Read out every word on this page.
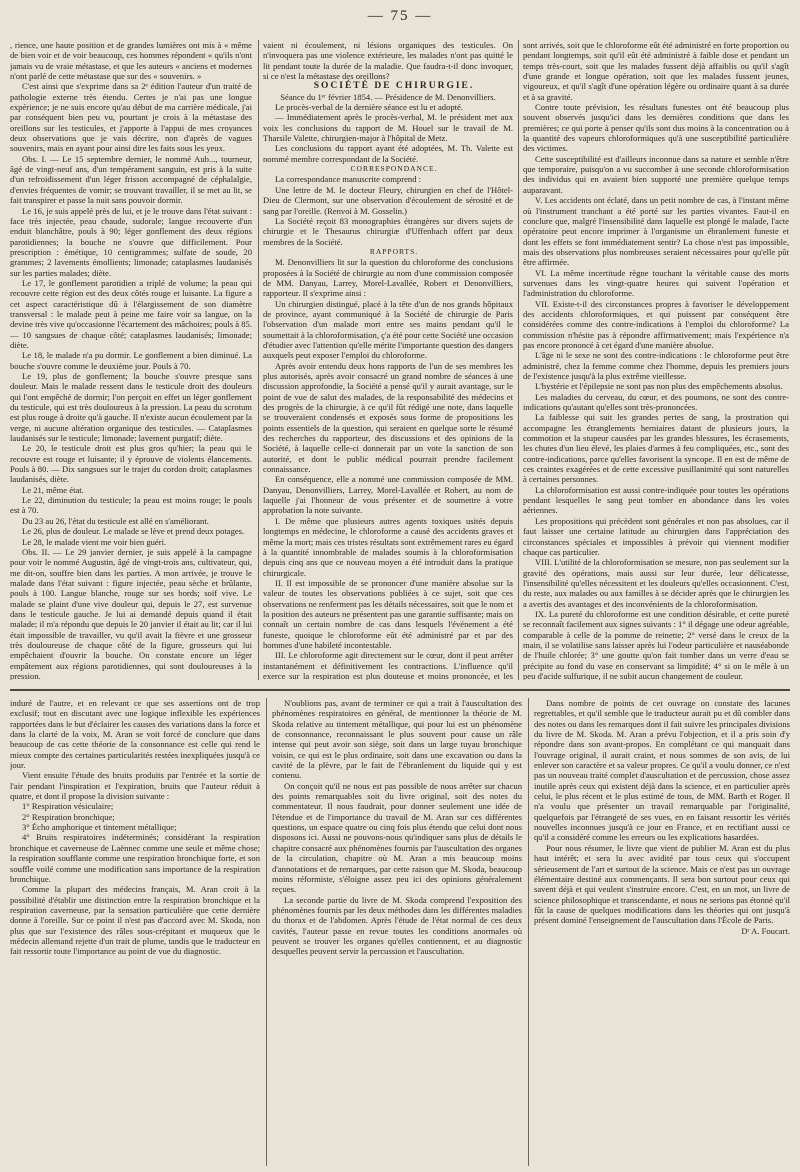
— 75 —

, rience, une haute position et de grandes lumières ont mis à « même de bien voir et de voir beaucoup, ces hommes répondent « qu'ils n'ont jamais vu de vraie métastase, et que les auteurs « anciens et modernes n'ont parlé de cette métastase que sur des « souvenirs. »

C'est ainsi que s'exprime dans sa 2ᵉ édition l'auteur d'un traité de pathologie externe très étendu. Certes je n'ai pas une longue expérience; je ne suis encore qu'au début de ma carrière médicale, j'ai par conséquent bien peu vu, pourtant je crois à la métastase des oreillons sur les testicules, et j'apporte à l'appui de mes croyances deux observations que je vais décrire, non d'après de vagues souvenirs, mais en ayant pour ainsi dire les faits sous les yeux.

Obs. I. — Le 15 septembre dernier, le nommé Aub..., tourneur, âgé de vingt-neuf ans, d'un tempérament sanguin, est pris à la suite d'un refroidissement d'un léger frisson accompagné de céphalalgie, d'envies fréquentes de vomir; se trouvant travailler, il se met au lit, se fait transpirer et passe la nuit sans pouvoir dormir.

Le 16, je suis appelé près de lui, et je le trouve dans l'état suivant : face très injectée, peau chaude, sudorale; langue recouverte d'un enduit blanchâtre, pouls à 90; léger gonflement des deux régions parotidiennes; la bouche ne s'ouvre que difficilement. Pour prescription : émétique, 10 centigrammes; sulfate de soude, 20 grammes; 2 lavements émollients; limonade; cataplasmes laudanisés sur les parties malades; diète.

Le 17, le gonflement parotidien a triplé de volume; la peau qui recouvre cette région est des deux côtés rouge et luisante. La figure a cet aspect caractéristique dû à l'élargissement de son diamètre transversal : le malade peut à peine me faire voir sa langue, on la devine très vive qu'occasionne l'écartement des mâchoires; pouls à 85. — 10 sangsues de chaque côté; cataplasmes laudanisés; limonade; diète.

Le 18, le malade n'a pu dormir. Le gonflement a bien diminué. La bouche s'ouvre comme le deuxième jour. Pouls à 70.

Le 19, plus de gonflement; la bouche s'ouvre presque sans douleur. Mais le malade ressent dans le testicule droit des douleurs qui l'ont empêché de dormir; l'on perçoit en effet un léger gonflement du testicule, qui est très douloureux à la pression. La peau du scrotum est plus rouge à droite qu'à gauche. Il n'existe aucun écoulement par la verge, ni aucune altération organique des testicules. — Cataplasmes laudanisés sur le testicule; limonade; lavement purgatif; diète.

Le 20, le testicule droit est plus gros qu'hier; la peau qui le recouvre est rouge et luisante; il y éprouve de violents élancements. Pouls à 80. — Dix sangsues sur le trajet du cordon droit; cataplasmes laudanisés, diète.

Le 21, même état.

Le 22, diminution du testicule; la peau est moins rouge; le pouls est à 70.

Du 23 au 26, l'état du testicule est allé en s'améliorant.

Le 26, plus de douleur. Le malade se lève et prend deux potages.

Le 28, le malade vient me voir bien guéri.

Obs. II. — Le 29 janvier dernier, je suis appelé à la campagne pour voir le nommé Augustin, âgé de vingt-trois ans, cultivateur, qui, me dit-on, souffre bien dans les parties. A mon arrivée, je trouve le malade dans l'état suivant : figure injectée, peau sèche et brûlante, pouls à 100. Langue blanche, rouge sur ses bords; soif vive. Le malade se plaint d'une vive douleur qui, depuis le 27, est survenue dans le testicule gauche. Je lui ai demandé depuis quand il était malade; il m'a répondu que depuis le 20 janvier il était au lit; car il lui était impossible de travailler, vu qu'il avait la fièvre et une grosseur très douloureuse de chaque côté de la figure, grosseurs qui lui empêchaient d'ouvrir la bouche. On constate encore un léger empâtement aux régions parotidiennes, qui sont douloureuses à la pression.

vaient ni écoulement, ni lésions organiques des testicules. On n'invoquera pas une violence extérieure, les malades n'ont pas quitté le lit pendant toute la durée de la maladie. Que faudra-t-il donc invoquer, si ce n'est la métastase des oreillons?

SOCIÉTÉ DE CHIRURGIE.

Séance du 1ᵉʳ février 1854. — Présidence de M. Denonvilliers.

Le procès-verbal de la dernière séance est lu et adopté.

— Immédiatement après le procès-verbal, M. le président met aux voix les conclusions du rapport de M. Houel sur le travail de M. Tharsile Valette, chirurgien-major à l'hôpital de Metz.

Les conclusions du rapport ayant été adoptées, M. Th. Valette est nommé membre correspondant de la Société.

CORRESPONDANCE.

La correspondance manuscrite comprend :

Une lettre de M. le docteur Fleury, chirurgien en chef de l'Hôtel-Dieu de Clermont, sur une observation d'écoulement de sérosité et de sang par l'oreille. (Renvoi à M. Gosselin.)

La Société reçoit 83 monographies étrangères sur divers sujets de chirurgie et le Thesaurus chirurgiæ d'Uffenbach offert par deux membres de la Société.

RAPPORTS.

M. Denonvilliers lit sur la question du chloroforme des conclusions proposées à la Société de chirurgie au nom d'une commission composée de MM. Danyau, Larrey, Morel-Lavallée, Robert et Denonvilliers, rapporteur. Il s'exprime ainsi :

Un chirurgien distingué, placé à la tête d'un de nos grands hôpitaux de province, ayant communiqué à la Société de chirurgie de Paris l'observation d'un malade mort entre ses mains pendant qu'il le soumettait à la chloroformisation, ç'a été pour cette Société une occasion d'étudier avec l'attention qu'elle mérite l'importante question des dangers auxquels peut exposer l'emploi du chloroforme.

Après avoir entendu deux hons rapports de l'un de ses membres les plus autorisés, après avoir consacré un grand nombre de séances à une discussion approfondie, la Société a pensé qu'il y aurait avantage, sur le point de vue de salut des malades, de la responsabilité des médecins et des progrès de la chirurgie, à ce qu'il fût rédigé une note, dans laquelle se trouveraient condensés et exposés sous forme de propositions les points essentiels de la question, qui seraient en quelque sorte le résumé des recherches du rapporteur, des discussions et des opinions de la Société, à laquelle celle-ci donnerait par un vote la sanction de son autorité, et dont le public médical pourrait prendre facilement connaissance.

En conséquence, elle a nommé une commission composée de MM. Danyau, Denonvilliers, Larrey, Morel-Lavallée et Robert, au nom de laquelle j'ai l'honneur de vous présenter et de soumettre à votre approbation la note suivante.

I. De même que plusieurs autres agents toxiques usités depuis longtemps en médecine, le chloroforme a causé des accidents graves et même la mort; mais ces tristes résultats sont extrêmement rares eu égard à la quantité innombrable de malades soumis à la chloroformisation depuis cinq ans que ce nouveau moyen a été introduit dans la pratique chirurgicale.

II. Il est impossible de se prononcer d'une manière absolue sur la valeur de toutes les observations publiées à ce sujet, soit que ces observations ne renferment pas les détails nécessaires, soit que le nom et la position des auteurs ne présentent pas une garantie suffisante; mais on connaît un certain nombre de cas dans lesquels l'événement a été funeste, quoique le chloroforme eût été administré par et par des hommes d'une habileté incontestable.

III. Le chloroforme agit directement sur le cœur, dont il peut arrêter instantanément et définitivement les contractions. L'influence qu'il exerce sur la respiration est plus douteuse et moins prononcée, et les

sont arrivés, soit que le chloroforme eût été administré en forte proportion ou pendant longtemps, soit qu'il eût été administré à faible dose et pendant un temps très-court, soit que les malades fussent déjà affaiblis ou qu'il s'agît d'une grande et longue opération, soit que les malades fussent jeunes, vigoureux, et qu'il s'agît d'une opération légère ou ordinaire quant à sa durée et à sa gravité.

Contre toute prévision, les résultats funestes ont été beaucoup plus souvent observés jusqu'ici dans les dernières conditions que dans les premières; ce qui porte à penser qu'ils sont dus moins à la concentration ou à la quantité des vapeurs chloroformiques qu'à une susceptibilité particulière des victimes.

Cette susceptibilité est d'ailleurs inconnue dans sa nature et semble n'être que temporaire, puisqu'on a vu succomber à une seconde chloroformisation des individus qui en avaient bien supporté une première quelque temps auparavant.

V. Les accidents ont éclaté, dans un petit nombre de cas, à l'instant même où l'instrument tranchant a été porté sur les parties vivantes. Faut-il en conclure que, malgré l'insensibilité dans laquelle est plongé le malade, l'acte opératoire peut encore imprimer à l'organisme un ébranlement funeste et dont les effets se font immédiatement sentir? La chose n'est pas impossible, mais des observations plus nombreuses seraient nécessaires pour qu'elle pût être affirmée.

VI. La même incertitude règne touchant la véritable cause des morts survenues dans les vingt-quatre heures qui suivent l'opération et l'administration du chloroforme.

VII. Existe-t-il des circonstances propres à favoriser le développement des accidents chloroformiques, et qui puissent par conséquent être considérées comme des contre-indications à l'emploi du chloroforme? La commission n'hésite pas à répondre affirmativement; mais l'expérience n'a pas encore prononcé à cet égard d'une manière absolue.

L'âge ni le sexe ne sont des contre-indications : le chloroforme peut être administré, chez la femme comme chez l'homme, depuis les premiers jours de l'existence jusqu'à la plus extrême vieillesse.

L'hystérie et l'épilepsie ne sont pas non plus des empêchements absolus.

Les maladies du cerveau, du cœur, et des poumons, ne sont des contre-indications qu'autant qu'elles sont très-prononcées.

La faiblesse qui suit les grandes pertes de sang, la prostration qui accompagne les étranglements herniaires datant de plusieurs jours, la commotion et la stupeur causées par les grandes blessures, les écrasements, les chutes d'un lieu élevé, les plaies d'armes à feu compliquées, etc., sont des contre-indications, parce qu'elles favorisent la syncope. Il en est de même de ces craintes exagérées et de cette excessive pusillanimité qui sont naturelles à certaines personnes.

La chloroformisation est aussi contre-indiquée pour toutes les opérations pendant lesquelles le sang peut tomber en abondance dans les voies aériennes.

Les propositions qui précèdent sont générales et non pas absolues, car il faut laisser une certaine latitude au chirurgien dans l'appréciation des circonstances spéciales et impossibles à prévoir qui viennent modifier chaque cas particulier.

VIII. L'utilité de la chloroformisation se mesure, non pas seulement sur la gravité des opérations, mais aussi sur leur durée, leur délicatesse, l'insensibilité qu'elles nécessitent et les douleurs qu'elles occasionnent. C'est, du reste, aux malades ou aux familles à se décider après que le chirurgien les a avertis des avantages et des inconvénients de la chloroformisation.

IX. La pureté du chloroforme est une condition désirable, et cette pureté se reconnaît facilement aux signes suivants : 1° il dégage une odeur agréable, comparable à celle de la pomme de reinette; 2° versé dans le creux de la main, il se volatilise sans laisser après lui l'odeur particulière et nauséabonde de l'huile chlorée; 3° une goutte qu'on fait tomber dans un verre d'eau se précipite au fond du vase en conservant sa limpidité; 4° si on le mêle à un peu d'acide sulfurique, il ne subit aucun changement de couleur.

induré de l'autre, et en relevant ce que ses assertions ont de trop exclusif; tout en discutant avec une logique inflexible les expériences rapportées dans le but d'éclairer les causes des variations dans la force et dans la clarté de la voix, M. Aran se voit forcé de conclure que dans beaucoup de cas cette théorie de la consonnance est celle qui rend le mieux compte des certaines particularités restées inexpliquées jusqu'à ce jour.

Vient ensuite l'étude des bruits produits par l'entrée et la sortie de l'air pendant l'inspiration et l'expiration, bruits que l'auteur réduit à quatre, et dont il propose la division suivante :

1° Respiration vésiculaire;

2° Respiration bronchique;

3° Écho amphorique et tintement métallique;

4° Bruits respiratoires indéterminés; considérant la respiration bronchique et caverneuse de Laënnec comme une seule et même chose; la respiration soufflante comme une respiration bronchique forte, et son souffle voilé comme une modification sans importance de la respiration bronchique.

Comme la plupart des médecins français, M. Aran croit à la possibilité d'établir une distinction entre la respiration bronchique et la respiration caverneuse, par la sensation particulière que cette dernière donne à l'oreille. Sur ce point il n'est pas d'accord avec M. Skoda, non plus que sur l'existence des râles sous-crépitant et muqueux que le médecin allemand rejette d'un trait de plume, tandis que le traducteur en fait ressortir toute l'importance au point de vue du diagnostic.

N'oublions pas, avant de terminer ce qui a trait à l'auscultation des phénomènes respiratoires en général, de mentionner la théorie de M. Skoda relative au tintement métallique, qui pour lui est un phénomène de consonnance, reconnaissant le plus souvent pour cause un râle intense qui peut avoir son siège, soit dans un large tuyau bronchique voisin, ce qui est le plus ordinaire, soit dans une excavation ou dans la cavité de la plèvre, par le fait de l'ébranlement du liquide qui y est contenu.

On conçoit qu'il ne nous est pas possible de nous arrêter sur chacun des points remarquables soit du livre original, soit des notes du commentateur. Il nous faudrait, pour donner seulement une idée de l'étendue et de l'importance du travail de M. Aran sur ces différentes questions, un espace quatre ou cinq fois plus étendu que celui dont nous disposons ici. Aussi ne pouvons-nous qu'indiquer sans plus de détails le chapitre consacré aux phénomènes fournis par l'auscultation des organes de la circulation, chapitre où M. Aran a mis beaucoup moins d'annotations et de remarques, par cette raison que M. Skoda, beaucoup moins réformiste, s'éloigne assez peu ici des opinions généralement reçues.

La seconde partie du livre de M. Skoda comprend l'exposition des phénomènes fournis par les deux méthodes dans les différentes maladies du thorax et de l'abdomen. Après l'étude de l'état normal de ces deux cavités, l'auteur passe en revue toutes les conditions anormales où peuvent se trouver les organes qu'elles contiennent, et au diagnostic desquelles peuvent servir la percussion et l'auscultation.

Dans nombre de points de cet ouvrage on constate des lacunes regrettables, et qu'il semble que le traducteur aurait pu et dû combler dans des notes ou dans les remarques dont il fait suivre les principales divisions du livre de M. Skoda. M. Aran a prévu l'objection, et il a pris soin d'y répondre dans son avant-propos. En complétant ce qui manquait dans l'ouvrage original, il aurait craint, et nous sommes de son avis, de lui enlever son caractère et sa valeur propres. Ce qu'il a voulu donner, ce n'est pas un nouveau traité complet d'auscultation et de percussion, chose assez inutile après ceux qui existent déjà dans la science, et en particulier après celui, le plus récent et le plus estimé de tous, de MM. Barth et Roger. Il n'a voulu que présenter un travail remarquable par l'originalité, quelquefois par l'étrangeté de ses vues, en en faisant ressortir les vérités nouvelles inconnues jusqu'à ce jour en France, et en rectifiant aussi ce qu'il a considéré comme les erreurs ou les explications hasardées.

Pour nous résumer, le livre que vient de publier M. Aran est du plus haut intérêt; et sera lu avec avidité par tous ceux qui s'occupent sérieusement de l'art et surtout de la science. Mais ce n'est pas un ouvrage élémentaire destiné aux commençants. Il sera bon surtout pour ceux qui savent déjà et qui veulent s'instruire encore. C'est, en un mot, un livre de science philosophique et transcendante, et nous ne serions pas étonné qu'il fût la cause de quelques modifications dans les théories qui ont jusqu'à présent dominé l'enseignement de l'auscultation dans l'École de Paris.

Dʳ A. Foucart.
